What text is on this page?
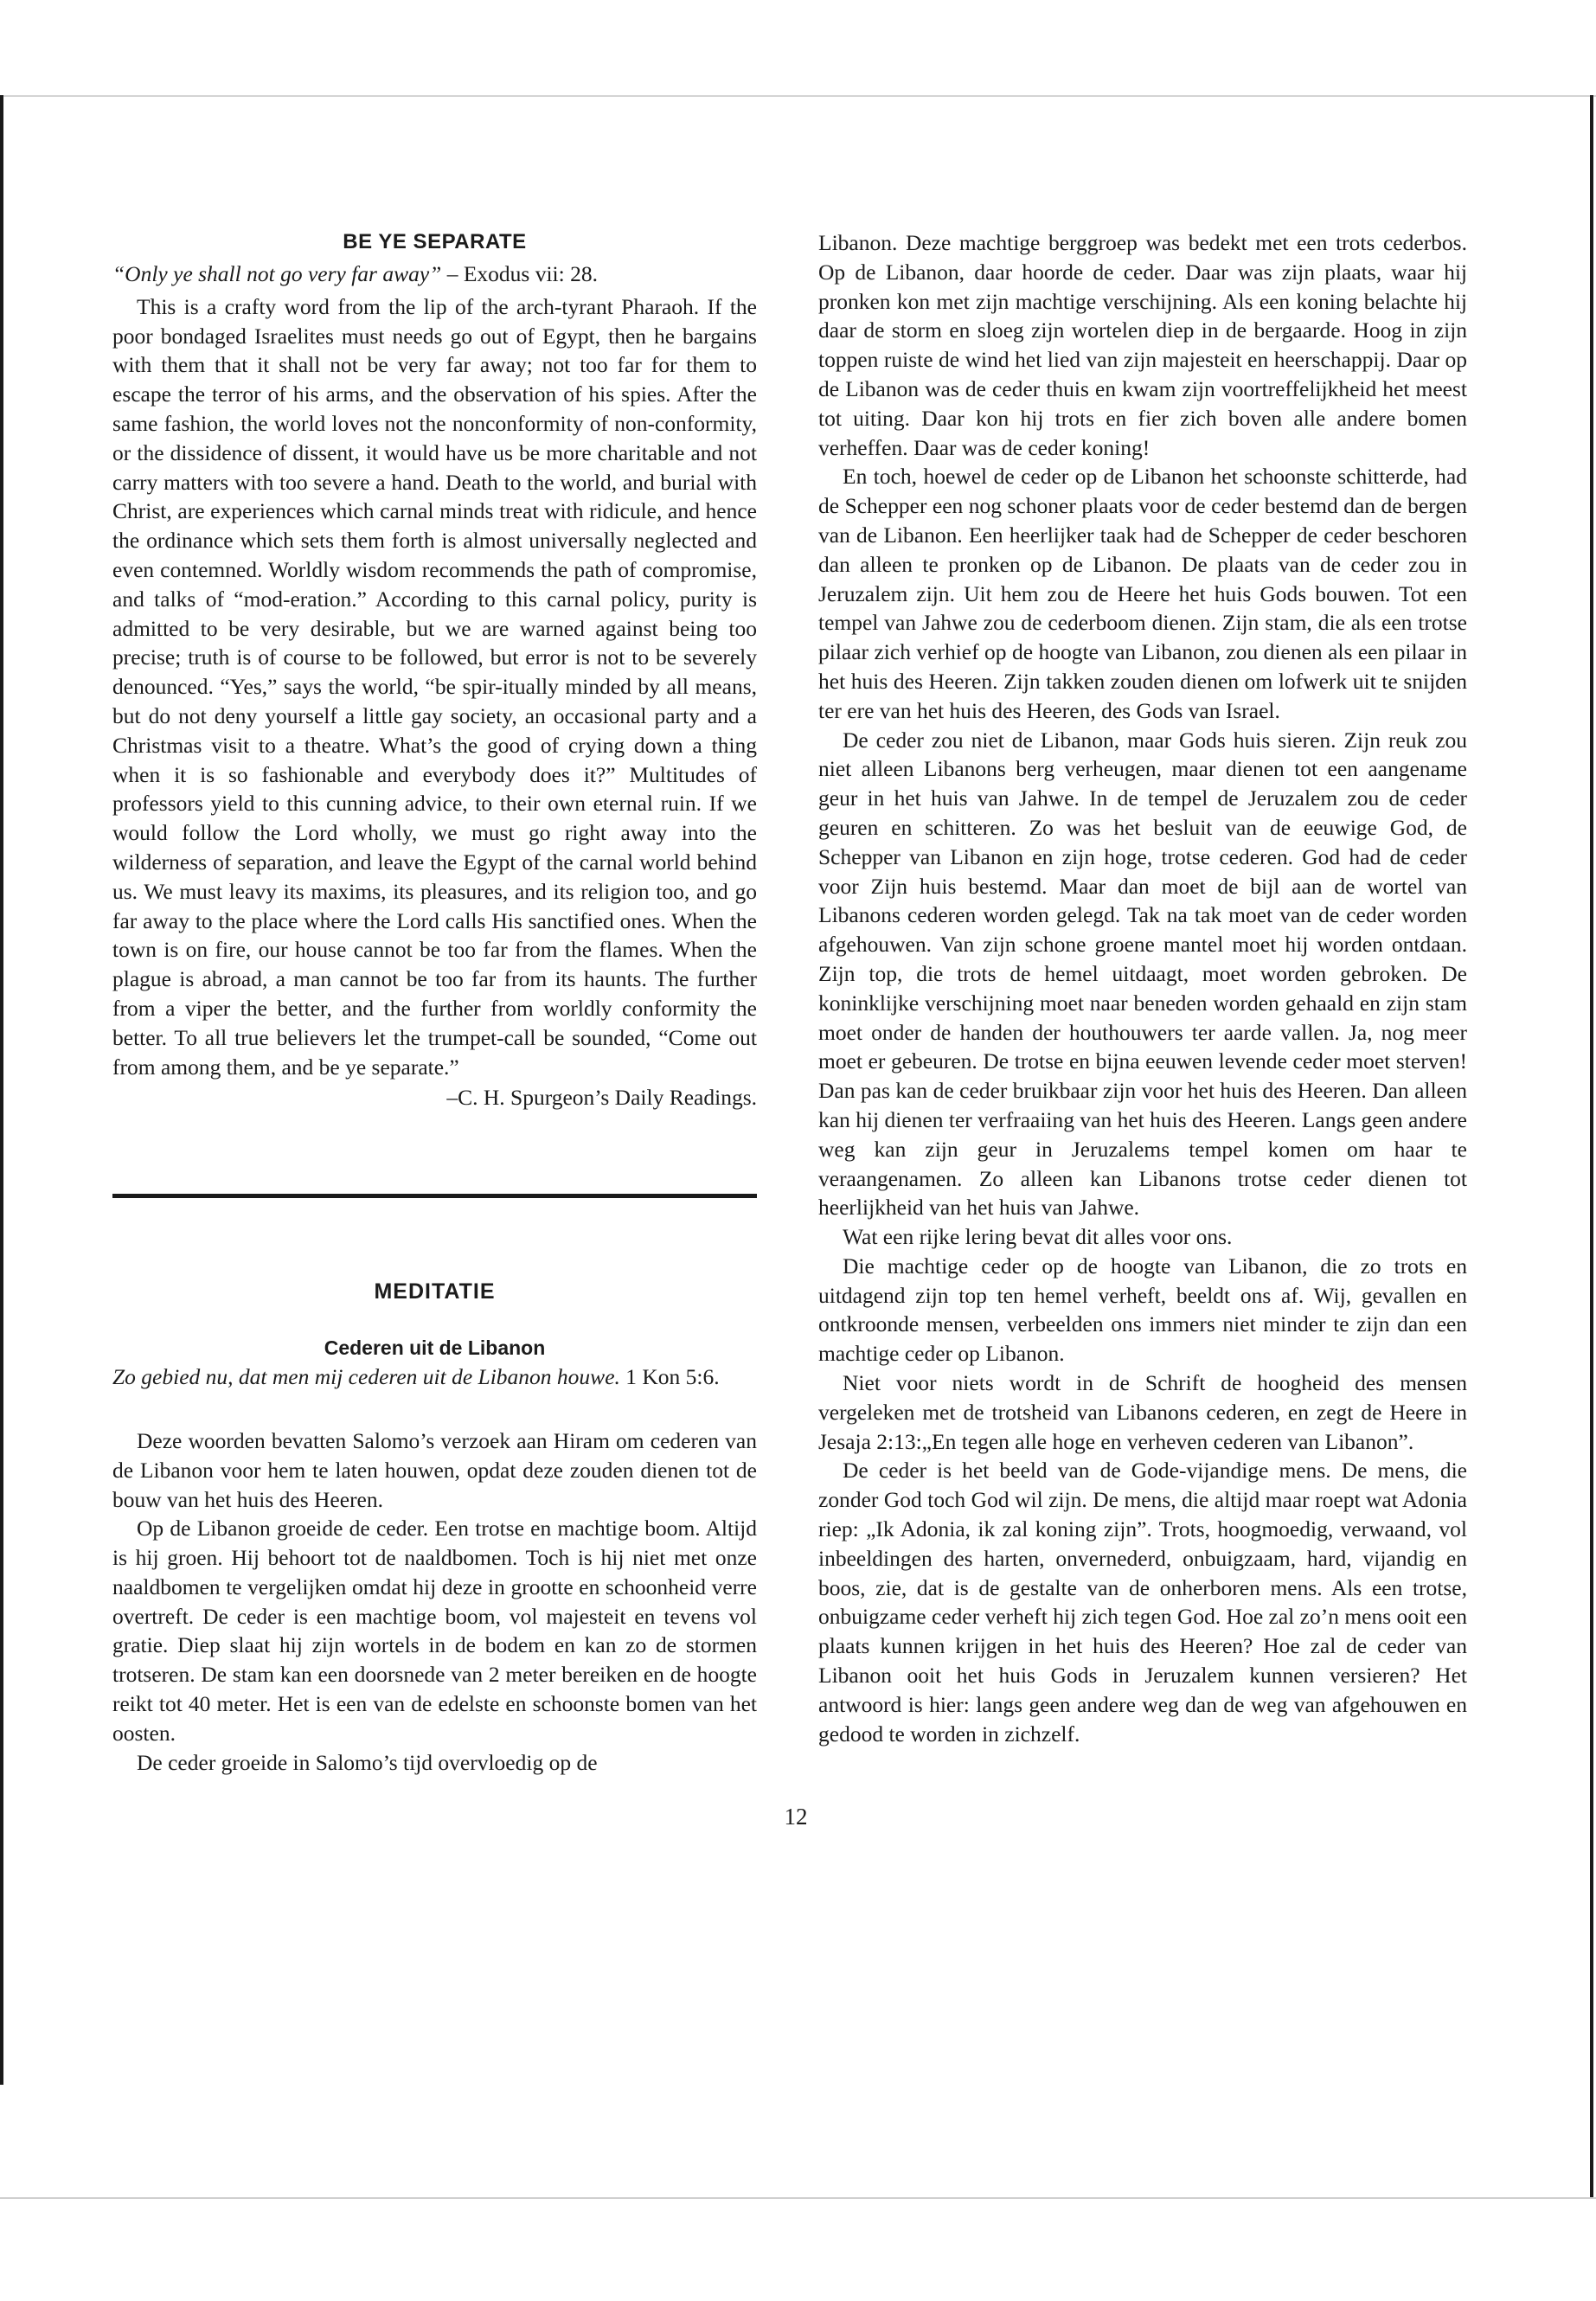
BE YE SEPARATE

“Only ye shall not go very far away” – Exodus vii: 28.

This is a crafty word from the lip of the arch-tyrant Pharaoh. If the poor bondaged Israelites must needs go out of Egypt, then he bargains with them that it shall not be very far away; not too far for them to escape the terror of his arms, and the observation of his spies. After the same fashion, the world loves not the nonconformity of non-conformity, or the dissidence of dissent, it would have us be more charitable and not carry matters with too severe a hand. Death to the world, and burial with Christ, are experiences which carnal minds treat with ridicule, and hence the ordinance which sets them forth is almost universally neglected and even contemned. Worldly wisdom recommends the path of compromise, and talks of “mod-eration.” According to this carnal policy, purity is admitted to be very desirable, but we are warned against being too precise; truth is of course to be followed, but error is not to be severely denounced. “Yes,” says the world, “be spir-itually minded by all means, but do not deny yourself a little gay society, an occasional party and a Christmas visit to a theatre. What’s the good of crying down a thing when it is so fashionable and everybody does it?” Multitudes of professors yield to this cunning advice, to their own eternal ruin. If we would follow the Lord wholly, we must go right away into the wilderness of separation, and leave the Egypt of the carnal world behind us. We must leavy its maxims, its pleasures, and its religion too, and go far away to the place where the Lord calls His sanctified ones. When the town is on fire, our house cannot be too far from the flames. When the plague is abroad, a man cannot be too far from its haunts. The further from a viper the better, and the further from worldly conformity the better. To all true believers let the trumpet-call be sounded, “Come out from among them, and be ye separate.”

–C. H. Spurgeon’s Daily Readings.

MEDITATIE
Cederen uit de Libanon

Zo gebied nu, dat men mij cederen uit de Libanon houwe. 1 Kon 5:6.

Deze woorden bevatten Salomo’s verzoek aan Hiram om cederen van de Libanon voor hem te laten houwen, opdat deze zouden dienen tot de bouw van het huis des Heeren.

Op de Libanon groeide de ceder. Een trotse en machtige boom. Altijd is hij groen. Hij behoort tot de naaldbomen. Toch is hij niet met onze naaldbomen te vergelijken omdat hij deze in grootte en schoonheid verre overtreft. De ceder is een machtige boom, vol majesteit en tevens vol gratie. Diep slaat hij zijn wortels in de bodem en kan zo de stormen trotseren. De stam kan een doorsnede van 2 meter bereiken en de hoogte reikt tot 40 meter. Het is een van de edelste en schoonste bomen van het oosten.

De ceder groeide in Salomo’s tijd overvloedig op de

Libanon. Deze machtige berggroep was bedekt met een trots cederbos. Op de Libanon, daar hoorde de ceder. Daar was zijn plaats, waar hij pronken kon met zijn machtige verschijning. Als een koning belachte hij daar de storm en sloeg zijn wortelen diep in de bergaarde. Hoog in zijn toppen ruiste de wind het lied van zijn majesteit en heerschappij. Daar op de Libanon was de ceder thuis en kwam zijn voortreffelijkheid het meest tot uiting. Daar kon hij trots en fier zich boven alle andere bomen verheffen. Daar was de ceder koning!

En toch, hoewel de ceder op de Libanon het schoonste schitterde, had de Schepper een nog schoner plaats voor de ceder bestemd dan de bergen van de Libanon. Een heerlijker taak had de Schepper de ceder beschoren dan alleen te pronken op de Libanon. De plaats van de ceder zou in Jeruzalem zijn. Uit hem zou de Heere het huis Gods bouwen. Tot een tempel van Jahwe zou de cederboom dienen. Zijn stam, die als een trotse pilaar zich verhief op de hoogte van Libanon, zou dienen als een pilaar in het huis des Heeren. Zijn takken zouden dienen om lofwerk uit te snijden ter ere van het huis des Heeren, des Gods van Israel.

De ceder zou niet de Libanon, maar Gods huis sieren. Zijn reuk zou niet alleen Libanons berg verheugen, maar dienen tot een aangename geur in het huis van Jahwe. In de tempel de Jeruzalem zou de ceder geuren en schitteren. Zo was het besluit van de eeuwige God, de Schepper van Libanon en zijn hoge, trotse cederen. God had de ceder voor Zijn huis bestemd. Maar dan moet de bijl aan de wortel van Libanons cederen worden gelegd. Tak na tak moet van de ceder worden afgehouwen. Van zijn schone groene mantel moet hij worden ontdaan. Zijn top, die trots de hemel uitdaagt, moet worden gebroken. De koninklijke verschijning moet naar beneden worden gehaald en zijn stam moet onder de handen der houthouwers ter aarde vallen. Ja, nog meer moet er gebeuren. De trotse en bijna eeuwen levende ceder moet sterven! Dan pas kan de ceder bruikbaar zijn voor het huis des Heeren. Dan alleen kan hij dienen ter verfraaiing van het huis des Heeren. Langs geen andere weg kan zijn geur in Jeruzalems tempel komen om haar te veraangenamen. Zo alleen kan Libanons trotse ceder dienen tot heerlijkheid van het huis van Jahwe.

Wat een rijke lering bevat dit alles voor ons.

Die machtige ceder op de hoogte van Libanon, die zo trots en uitdagend zijn top ten hemel verheft, beeldt ons af. Wij, gevallen en ontkroonde mensen, verbeelden ons immers niet minder te zijn dan een machtige ceder op Libanon.

Niet voor niets wordt in de Schrift de hoogheid des mensen vergeleken met de trotsheid van Libanons cederen, en zegt de Heere in Jesaja 2:13:„En tegen alle hoge en verheven cederen van Libanon”.

De ceder is het beeld van de Gode-vijandige mens. De mens, die zonder God toch God wil zijn. De mens, die altijd maar roept wat Adonia riep: „Ik Adonia, ik zal koning zijn”. Trots, hoogmoedig, verwaand, vol inbeeldingen des harten, onvernederd, onbuigzaam, hard, vijandig en boos, zie, dat is de gestalte van de onherboren mens. Als een trotse, onbuigzame ceder verheft hij zich tegen God. Hoe zal zo’n mens ooit een plaats kunnen krijgen in het huis des Heeren? Hoe zal de ceder van Libanon ooit het huis Gods in Jeruzalem kunnen versieren? Het antwoord is hier: langs geen andere weg dan de weg van afgehouwen en gedood te worden in zichzelf.

12
